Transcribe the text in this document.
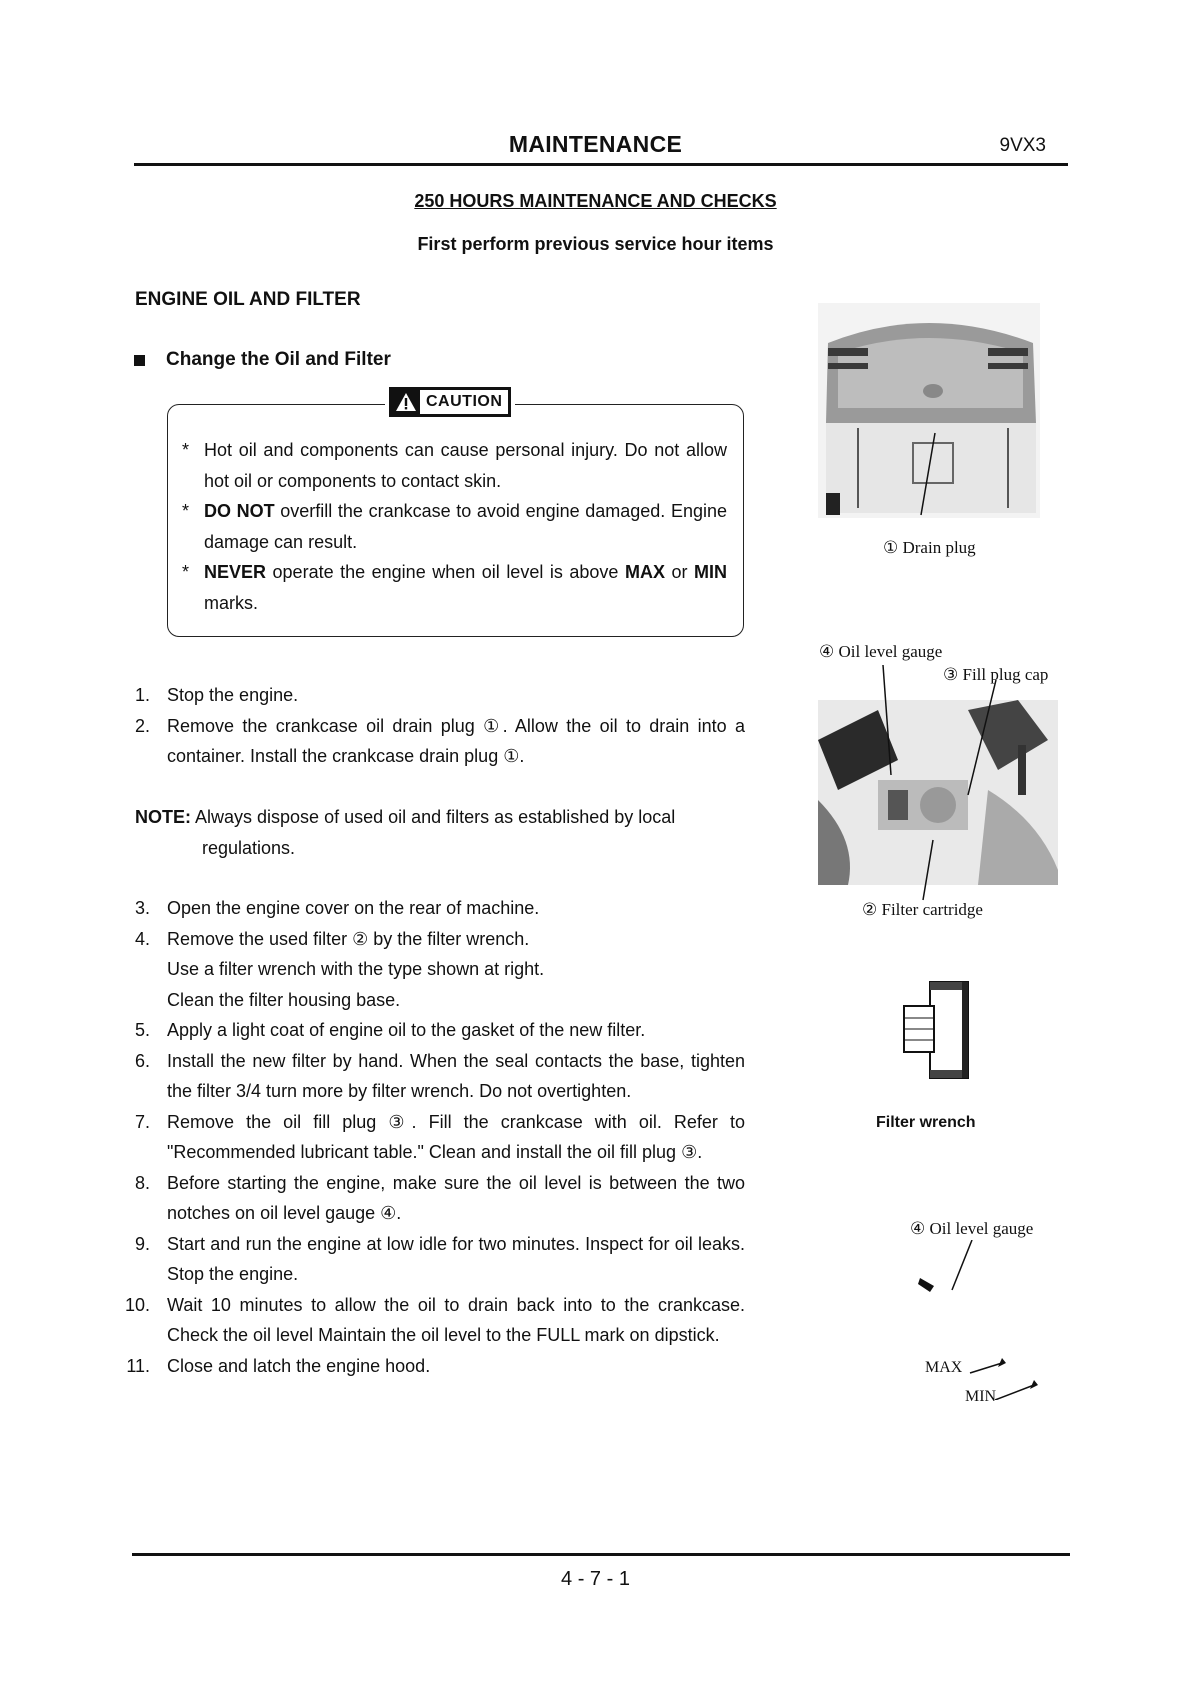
MAINTENANCE	9VX3
250 HOURS MAINTENANCE AND CHECKS
First perform previous service hour items
ENGINE OIL AND FILTER
Change the Oil and Filter
CAUTION
* Hot oil and components can cause personal injury. Do not allow hot oil or components to contact skin.
* DO NOT overfill the crankcase to avoid engine damaged. Engine damage can result.
* NEVER operate the engine when oil level is above MAX or MIN marks.
1. Stop the engine.
2. Remove the crankcase oil drain plug ①. Allow the oil to drain into a container. Install the crankcase drain plug ①.
NOTE: Always dispose of used oil and filters as established by local
regulations.
3. Open the engine cover on the rear of machine.
4. Remove the used filter ② by the filter wrench.
Use a filter wrench with the type shown at right.
Clean the filter housing base.
5. Apply a light coat of engine oil to the gasket of the new filter.
6. Install the new filter by hand. When the seal contacts the base, tighten the filter 3/4 turn more by filter wrench. Do not overtighten.
7. Remove the oil fill plug ③. Fill the crankcase with oil. Refer to "Recommended lubricant table." Clean and install the oil fill plug ③.
8. Before starting the engine, make sure the oil level is between the two notches on oil level gauge ④.
9. Start and run the engine at low idle for two minutes. Inspect for oil leaks. Stop the engine.
10. Wait 10 minutes to allow the oil to drain back into to the crankcase. Check the oil level Maintain the oil level to the FULL mark on dipstick.
11. Close and latch the engine hood.
① Drain plug
④ Oil level gauge
③ Fill plug cap
② Filter cartridge
Filter wrench
④ Oil level gauge
MAX
MIN
4 - 7 - 1
